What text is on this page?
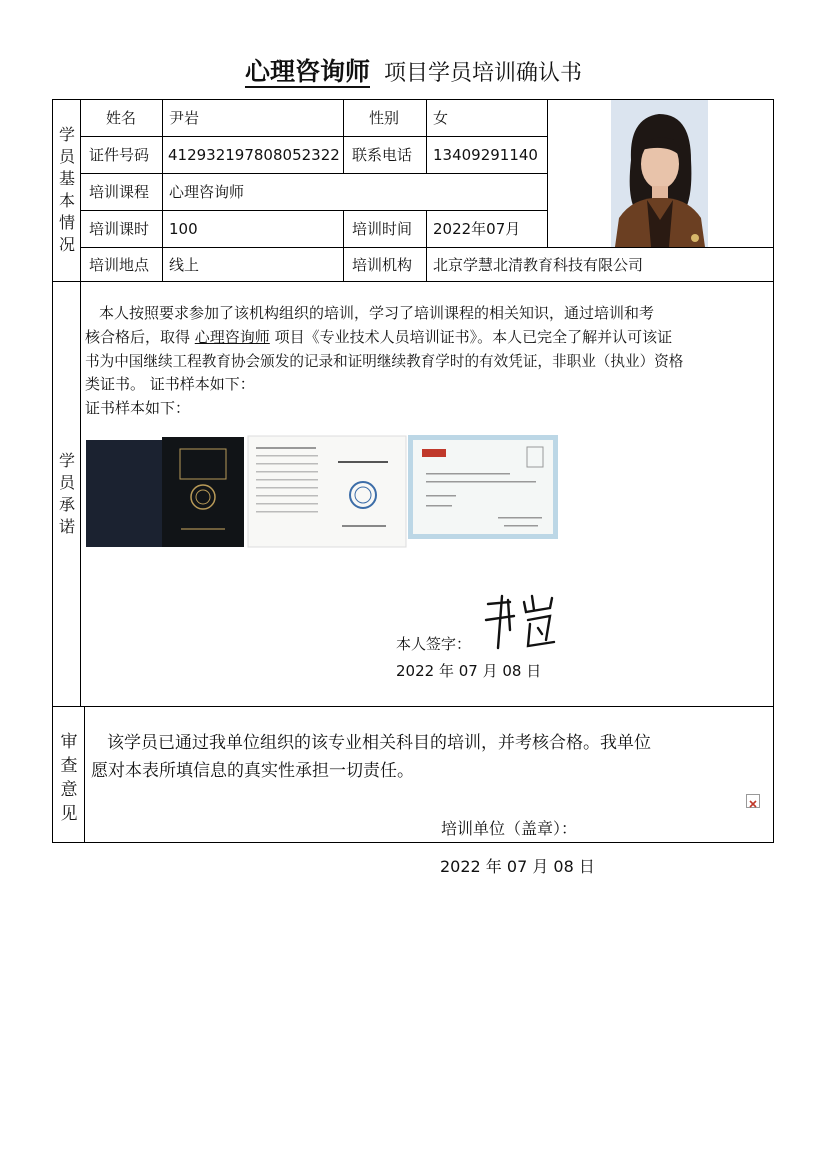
心理咨询师 项目学员培训确认书
学员基本情况
学员承诺
审查意见
姓名 尹岩	性别 女
证件号码 412932197808052322 联系电话 13409291140
培训课程 心理咨询师
培训课时 100	培训时间 2022年07月
培训地点 线上	培训机构 北京学慧北清教育科技有限公司
本人按照要求参加了该机构组织的培训，学习了培训课程的相关知识，通过培训和考
核合格后，取得 心理咨询师 项目《专业技术人员培训证书》。本人已完全了解并认可该证
书为中国继续工程教育协会颁发的记录和证明继续教育学时的有效凭证，非职业（执业）资格
类证书。 证书样本如下：
证书样本如下：
本人签字：
2022 年 07 月 08 日
该学员已通过我单位组织的该专业相关科目的培训，并考核合格。我单位
愿对本表所填信息的真实性承担一切责任。
培训单位（盖章）：
2022 年 07 月 08 日
